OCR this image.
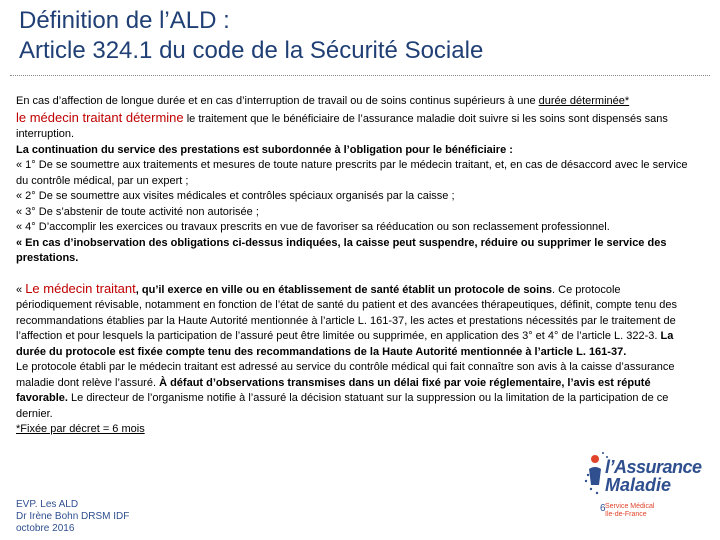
Définition de l’ALD :
Article 324.1 du code de la Sécurité Sociale

En cas d’affection de longue durée et en cas d’interruption de travail ou de soins continus supérieurs à une durée déterminée*
le médecin traitant détermine le traitement que le bénéficiaire de l’assurance maladie doit suivre si les soins sont dispensés sans interruption.

La continuation du service des prestations est subordonnée à l’obligation pour le bénéficiaire :

« 1° De se soumettre aux traitements et mesures de toute nature prescrits par le médecin traitant, et, en cas de désaccord avec le service du contrôle médical, par un expert ;

« 2° De se soumettre aux visites médicales et contrôles spéciaux organisés par la caisse ;

« 3° De s’abstenir de toute activité non autorisée ;

« 4° D’accomplir les exercices ou travaux prescrits en vue de favoriser sa rééducation ou son reclassement professionnel.

« En cas d’inobservation des obligations ci-dessus indiquées, la caisse peut suspendre, réduire ou supprimer le service des prestations.

« Le médecin traitant, qu’il exerce en ville ou en établissement de santé établit un protocole de soins. Ce protocole périodiquement révisable, notamment en fonction de l’état de santé du patient et des avancées thérapeutiques, définit, compte tenu des recommandations établies par la Haute Autorité mentionnée à l’article L. 161-37, les actes et prestations nécessités par le traitement de l’affection et pour lesquels la participation de l’assuré peut être limitée ou supprimée, en application des 3° et 4° de l’article L. 322-3. La durée du protocole est fixée compte tenu des recommandations de la Haute Autorité mentionnée à l’article L. 161-37.

Le protocole établi par le médecin traitant est adressé au service du contrôle médical qui fait connaître son avis à la caisse d’assurance maladie dont relève l’assuré. À défaut d’observations transmises dans un délai fixé par voie réglementaire, l’avis est réputé favorable. Le directeur de l’organisme notifie à l’assuré la décision statuant sur la suppression ou la limitation de la participation de ce dernier.

*Fixée par décret = 6 mois

EVP. Les ALD
Dr Irène Bohn DRSM IDF
octobre 2016
l’Assurance
Maladie
Service Médical
Ile-de-France
6
